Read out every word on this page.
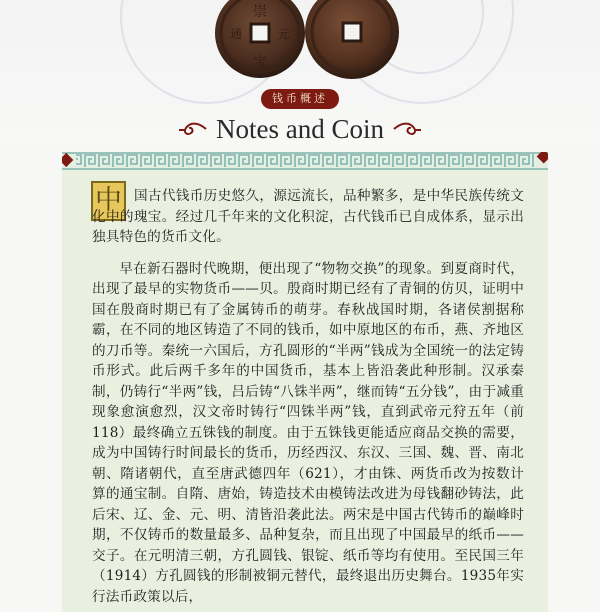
崇
宝
通	元
钱币概述
Notes and Coin
中 国古代钱币历史悠久，源远流长，品种繁多，是中华民族传统文化中的瑰宝。经过几千年来的文化积淀，古代钱币已自成体系，显示出独具特色的货币文化。

早在新石器时代晚期，便出现了“物物交换”的现象。到夏商时代，出现了最早的实物货币——贝。殷商时期已经有了青铜的仿贝，证明中国在殷商时期已有了金属铸币的萌芽。春秋战国时期，各诸侯割据称霸，在不同的地区铸造了不同的钱币，如中原地区的布币，燕、齐地区的刀币等。秦统一六国后，方孔圆形的“半两”钱成为全国统一的法定铸币形式。此后两千多年的中国货币，基本上皆沿袭此种形制。汉承秦制，仍铸行“半两”钱，吕后铸“八铢半两”，继而铸“五分钱”，由于减重现象愈演愈烈，汉文帝时铸行“四铢半两”钱，直到武帝元狩五年（前118）最终确立五铢钱的制度。由于五铢钱更能适应商品交换的需要，成为中国铸行时间最长的货币，历经西汉、东汉、三国、魏、晋、南北朝、隋诸朝代，直至唐武德四年（621），才由铢、两货币改为按数计算的通宝制。自隋、唐始，铸造技术由模铸法改进为母钱翻砂铸法，此后宋、辽、金、元、明、清皆沿袭此法。两宋是中国古代铸币的巅峰时期，不仅铸币的数量最多、品种复杂，而且出现了中国最早的纸币——交子。在元明清三朝，方孔圆钱、银锭、纸币等均有使用。至民国三年（1914）方孔圆钱的形制被铜元替代，最终退出历史舞台。1935年实行法币政策以后，
